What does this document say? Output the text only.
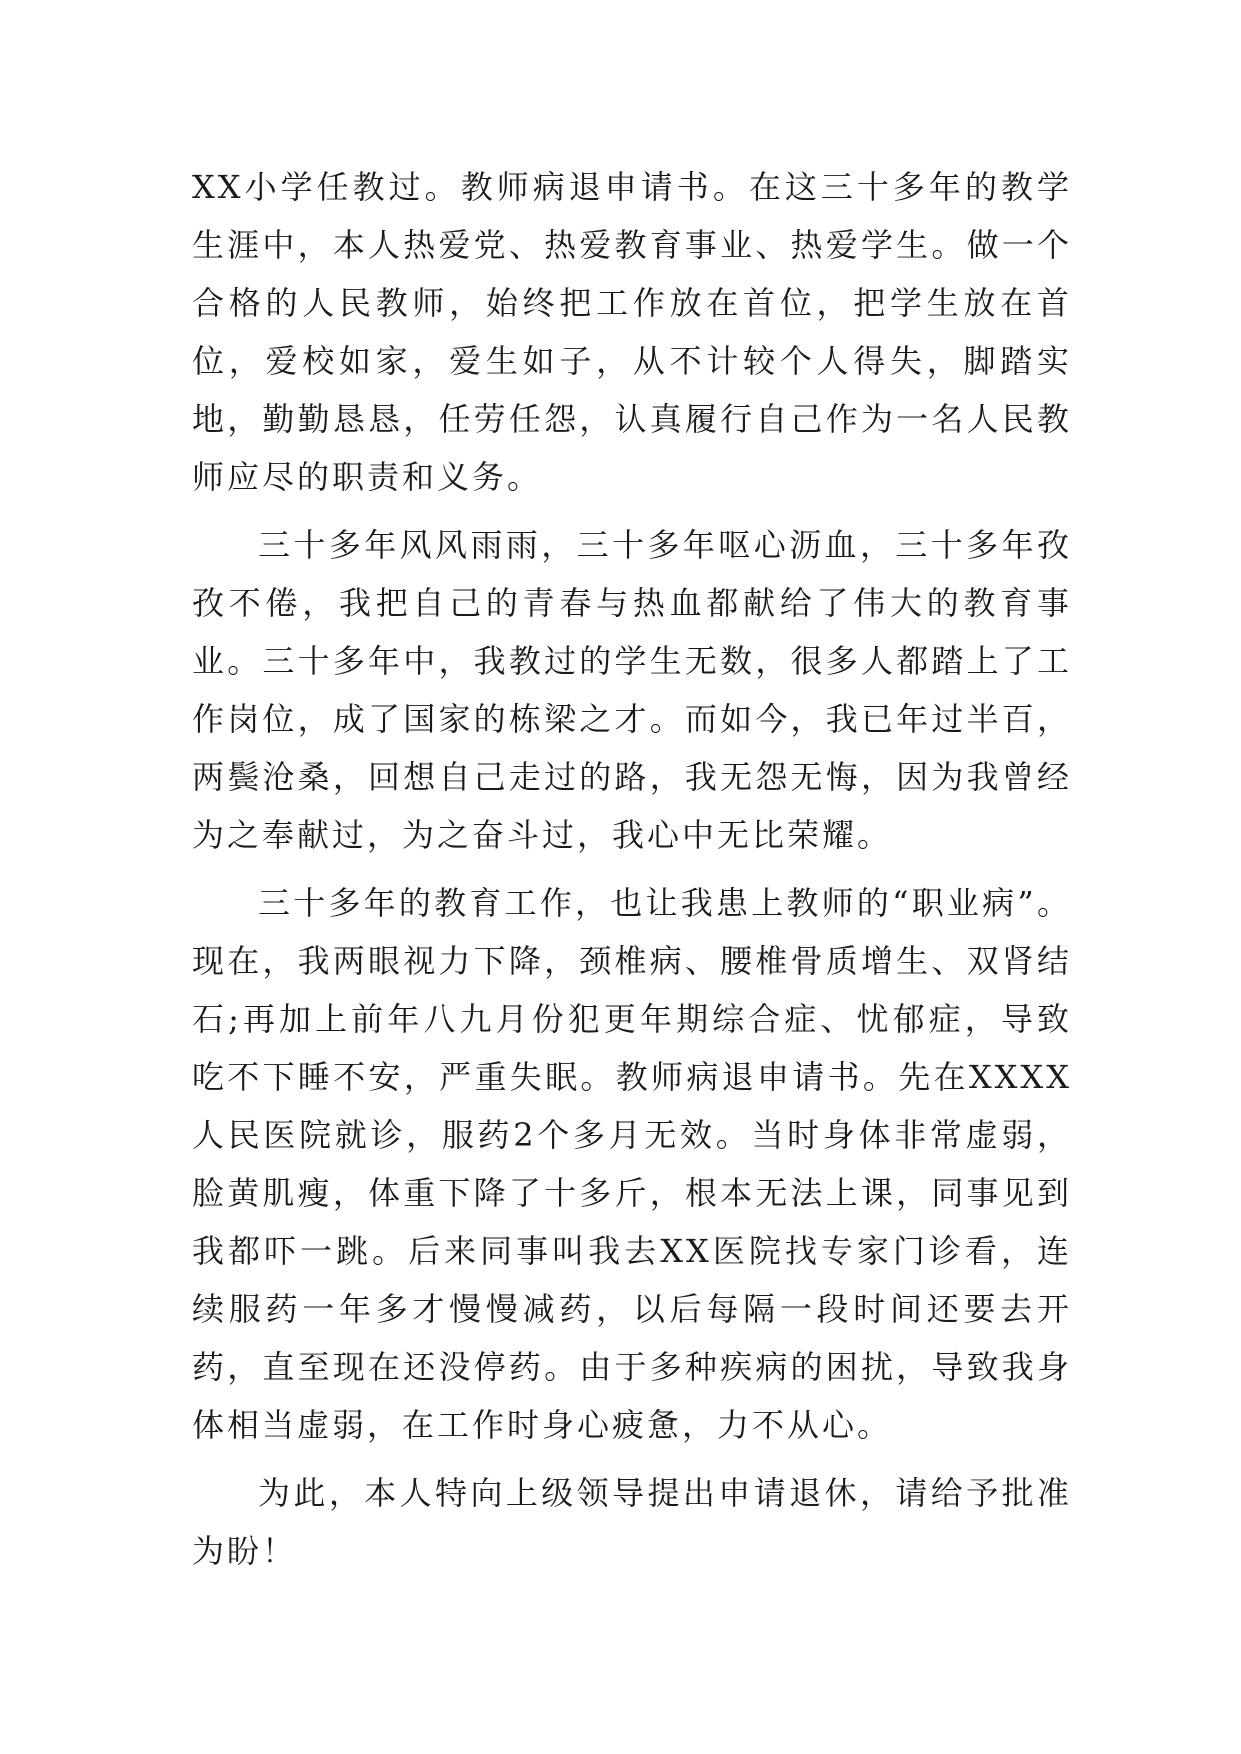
XX小学任教过。教师病退申请书。在这三十多年的教学生涯中，本人热爱党、热爱教育事业、热爱学生。做一个合格的人民教师，始终把工作放在首位，把学生放在首位，爱校如家，爱生如子，从不计较个人得失，脚踏实地，勤勤恳恳，任劳任怨，认真履行自己作为一名人民教师应尽的职责和义务。

三十多年风风雨雨，三十多年呕心沥血，三十多年孜孜不倦，我把自己的青春与热血都献给了伟大的教育事业。三十多年中，我教过的学生无数，很多人都踏上了工作岗位，成了国家的栋梁之才。而如今，我已年过半百，两鬓沧桑，回想自己走过的路，我无怨无悔，因为我曾经为之奉献过，为之奋斗过，我心中无比荣耀。

三十多年的教育工作，也让我患上教师的“职业病”。现在，我两眼视力下降，颈椎病、腰椎骨质增生、双肾结石;再加上前年八九月份犯更年期综合症、忧郁症，导致吃不下睡不安，严重失眠。教师病退申请书。先在XXXX人民医院就诊，服药2个多月无效。当时身体非常虚弱，脸黄肌瘦，体重下降了十多斤，根本无法上课，同事见到我都吓一跳。后来同事叫我去XX医院找专家门诊看，连续服药一年多才慢慢减药，以后每隔一段时间还要去开药，直至现在还没停药。由于多种疾病的困扰，导致我身体相当虚弱，在工作时身心疲惫，力不从心。

为此，本人特向上级领导提出申请退休，请给予批准为盼！
